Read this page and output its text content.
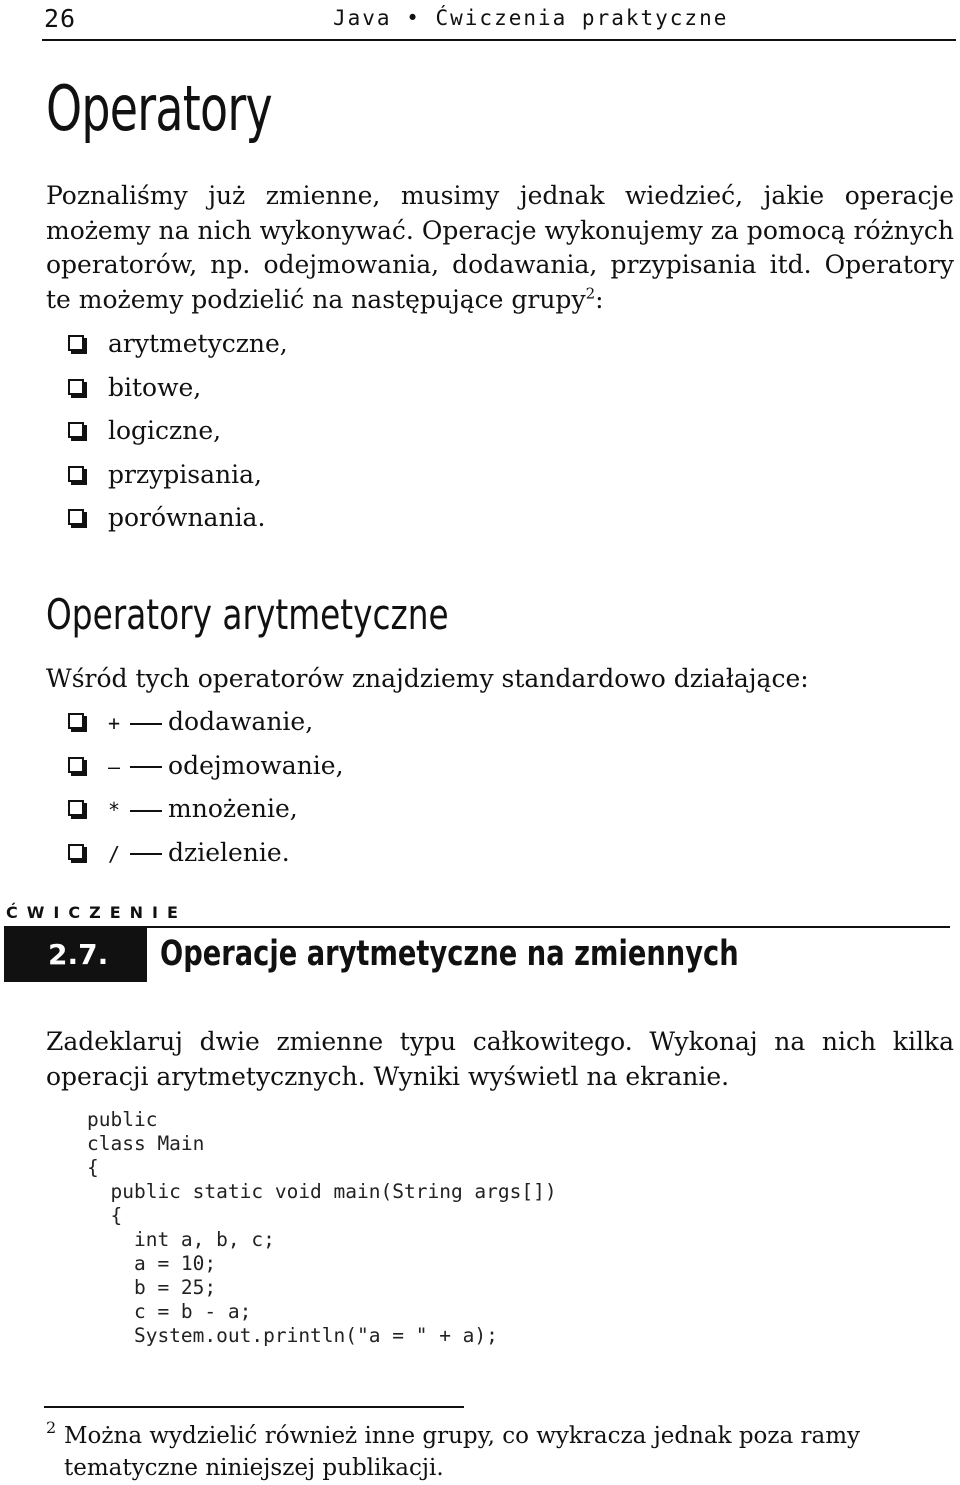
26	Java • Ćwiczenia praktyczne
Operatory
Poznaliśmy już zmienne, musimy jednak wiedzieć, jakie operacje możemy na nich wykonywać. Operacje wykonujemy za pomocą różnych operatorów, np. odejmowania, dodawania, przypisania itd. Operatory te możemy podzielić na następujące grupy$^2$:
arytmetyczne,
bitowe,
logiczne,
przypisania,
porównania.
Operatory arytmetyczne
Wśród tych operatorów znajdziemy standardowo działające:
+ dodawanie,
– odejmowanie,
* mnożenie,
/ dzielenie.
ĆWICZENIE
2.7. Operacje arytmetyczne na zmiennych
Zadeklaruj dwie zmienne typu całkowitego. Wykonaj na nich kilka operacji arytmetycznych. Wyniki wyświetl na ekranie.
public
class Main
{
public static void main(String args[])
{
int a, b, c;
a = 10;
b = 25;
c = b - a;
System.out.println("a = " + a);
2 Można wydzielić również inne grupy, co wykracza jednak poza ramy tematyczne niniejszej publikacji.
